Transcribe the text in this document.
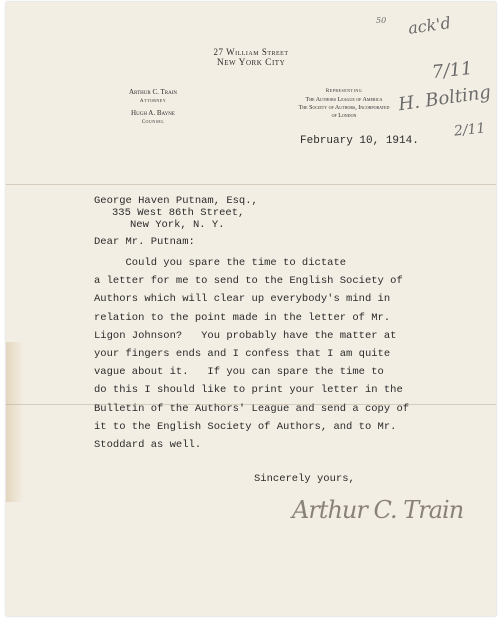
27 William Street
New York City
Arthur C. Train
Attorney
Hugh A. Bayne
Counsel
Representing
The Authors League of America
The Society of Authors, Incorporated
of London
50 ack'd
7/11
H. Bolting
2/11
February 10, 1914.
George Haven Putnam, Esq.,
335 West 86th Street,
New York, N. Y.
Dear Mr. Putnam:
Could you spare the time to dictate
a letter for me to send to the English Society of
Authors which will clear up everybody's mind in
relation to the point made in the letter of Mr.
Ligon Johnson?   You probably have the matter at
your fingers ends and I confess that I am quite
vague about it.   If you can spare the time to
do this I should like to print your letter in the
Bulletin of the Authors' League and send a copy of
it to the English Society of Authors, and to Mr.
Stoddard as well.
Sincerely yours,
Arthur C. Train
